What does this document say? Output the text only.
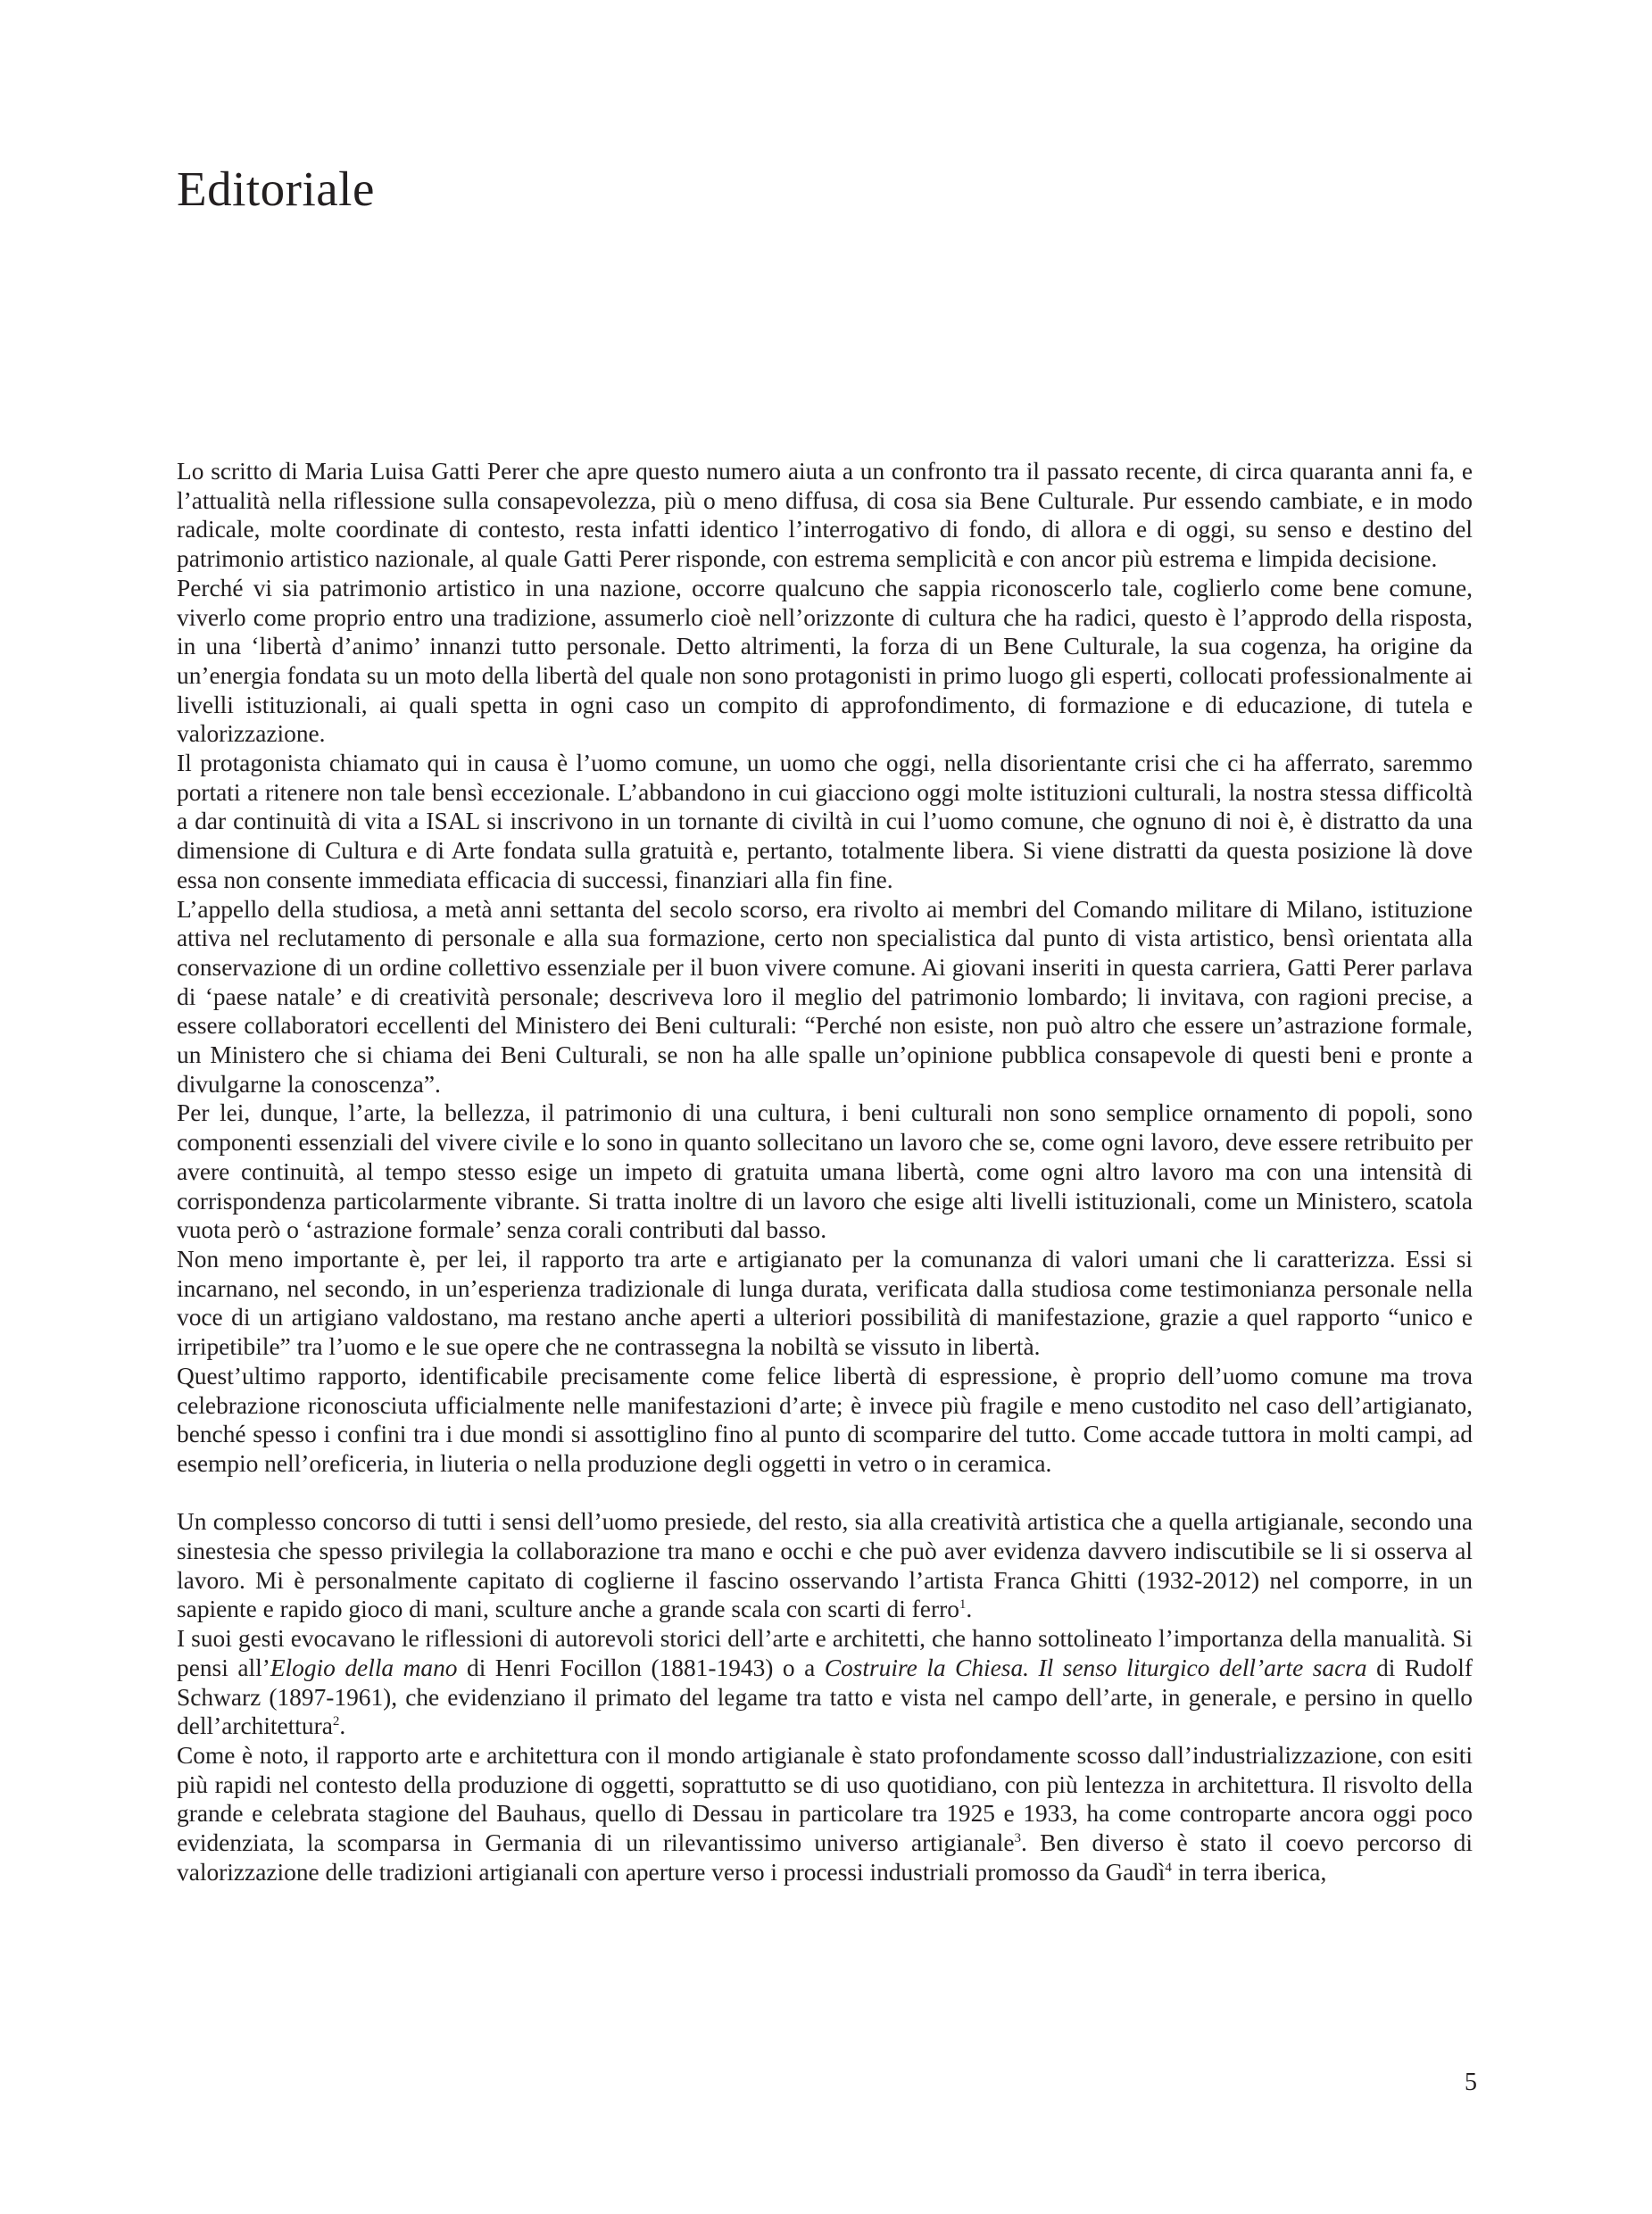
Editoriale

Lo scritto di Maria Luisa Gatti Perer che apre questo numero aiuta a un confronto tra il passato recente, di circa quaranta anni fa, e l’attualità nella riflessione sulla consapevolezza, più o meno diffusa, di cosa sia Bene Culturale. Pur essendo cambiate, e in modo radicale, molte coordinate di contesto, resta infatti identico l’interrogativo di fondo, di allora e di oggi, su senso e destino del patrimonio artistico nazionale, al quale Gatti Perer risponde, con estrema semplicità e con ancor più estrema e limpida decisione.

Perché vi sia patrimonio artistico in una nazione, occorre qualcuno che sappia riconoscerlo tale, coglierlo come bene comune, viverlo come proprio entro una tradizione, assumerlo cioè nell’orizzonte di cultura che ha radici, questo è l’approdo della risposta, in una ‘libertà d’animo’ innanzi tutto personale. Detto altrimenti, la forza di un Bene Culturale, la sua cogenza, ha origine da un’energia fondata su un moto della libertà del quale non sono protagonisti in primo luogo gli esperti, collocati professionalmente ai livelli istituzionali, ai quali spetta in ogni caso un compito di approfondimento, di formazione e di educazione, di tutela e valorizzazione.

Il protagonista chiamato qui in causa è l’uomo comune, un uomo che oggi, nella disorientante crisi che ci ha afferrato, saremmo portati a ritenere non tale bensì eccezionale. L’abbandono in cui giacciono oggi molte istituzioni culturali, la nostra stessa difficoltà a dar continuità di vita a ISAL si inscrivono in un tornante di civiltà in cui l’uomo comune, che ognuno di noi è, è distratto da una dimensione di Cultura e di Arte fondata sulla gratuità e, pertanto, totalmente libera. Si viene distratti da questa posizione là dove essa non consente immediata efficacia di successi, finanziari alla fin fine.

L’appello della studiosa, a metà anni settanta del secolo scorso, era rivolto ai membri del Comando militare di Milano, istituzione attiva nel reclutamento di personale e alla sua formazione, certo non specialistica dal punto di vista artistico, bensì orientata alla conservazione di un ordine collettivo essenziale per il buon vivere comune. Ai giovani inseriti in questa carriera, Gatti Perer parlava di ‘paese natale’ e di creatività personale; descriveva loro il meglio del patrimonio lombardo; li invitava, con ragioni precise, a essere collaboratori eccellenti del Ministero dei Beni culturali: “Perché non esiste, non può altro che essere un’astrazione formale, un Ministero che si chiama dei Beni Culturali, se non ha alle spalle un’opinione pubblica consapevole di questi beni e pronte a divulgarne la conoscenza”.

Per lei, dunque, l’arte, la bellezza, il patrimonio di una cultura, i beni culturali non sono semplice ornamento di popoli, sono componenti essenziali del vivere civile e lo sono in quanto sollecitano un lavoro che se, come ogni lavoro, deve essere retribuito per avere continuità, al tempo stesso esige un impeto di gratuita umana libertà, come ogni altro lavoro ma con una intensità di corrispondenza particolarmente vibrante. Si tratta inoltre di un lavoro che esige alti livelli istituzionali, come un Ministero, scatola vuota però o ‘astrazione formale’ senza corali contributi dal basso.

Non meno importante è, per lei, il rapporto tra arte e artigianato per la comunanza di valori umani che li caratterizza. Essi si incarnano, nel secondo, in un’esperienza tradizionale di lunga durata, verificata dalla studiosa come testimonianza personale nella voce di un artigiano valdostano, ma restano anche aperti a ulteriori possibilità di manifestazione, grazie a quel rapporto “unico e irripetibile” tra l’uomo e le sue opere che ne contrassegna la nobiltà se vissuto in libertà.

Quest’ultimo rapporto, identificabile precisamente come felice libertà di espressione, è proprio dell’uomo comune ma trova celebrazione riconosciuta ufficialmente nelle manifestazioni d’arte; è invece più fragile e meno custodito nel caso dell’artigianato, benché spesso i confini tra i due mondi si assottiglino fino al punto di scomparire del tutto. Come accade tuttora in molti campi, ad esempio nell’oreficeria, in liuteria o nella produzione degli oggetti in vetro o in ceramica.

Un complesso concorso di tutti i sensi dell’uomo presiede, del resto, sia alla creatività artistica che a quella artigianale, secondo una sinestesia che spesso privilegia la collaborazione tra mano e occhi e che può aver evidenza davvero indiscutibile se li si osserva al lavoro. Mi è personalmente capitato di coglierne il fascino osservando l’artista Franca Ghitti (1932-2012) nel comporre, in un sapiente e rapido gioco di mani, sculture anche a grande scala con scarti di ferro$^1$.

I suoi gesti evocavano le riflessioni di autorevoli storici dell’arte e architetti, che hanno sottolineato l’importanza della manualità. Si pensi all’Elogio della mano di Henri Focillon (1881-1943) o a Costruire la Chiesa. Il senso liturgico dell’arte sacra di Rudolf Schwarz (1897-1961), che evidenziano il primato del legame tra tatto e vista nel campo dell’arte, in generale, e persino in quello dell’architettura$^2$.

Come è noto, il rapporto arte e architettura con il mondo artigianale è stato profondamente scosso dall’industrializzazione, con esiti più rapidi nel contesto della produzione di oggetti, soprattutto se di uso quotidiano, con più lentezza in architettura. Il risvolto della grande e celebrata stagione del Bauhaus, quello di Dessau in particolare tra 1925 e 1933, ha come controparte ancora oggi poco evidenziata, la scomparsa in Germania di un rilevantissimo universo artigianale$^3$. Ben diverso è stato il coevo percorso di valorizzazione delle tradizioni artigianali con aperture verso i processi industriali promosso da Gaudì$^4$ in terra iberica,

5
